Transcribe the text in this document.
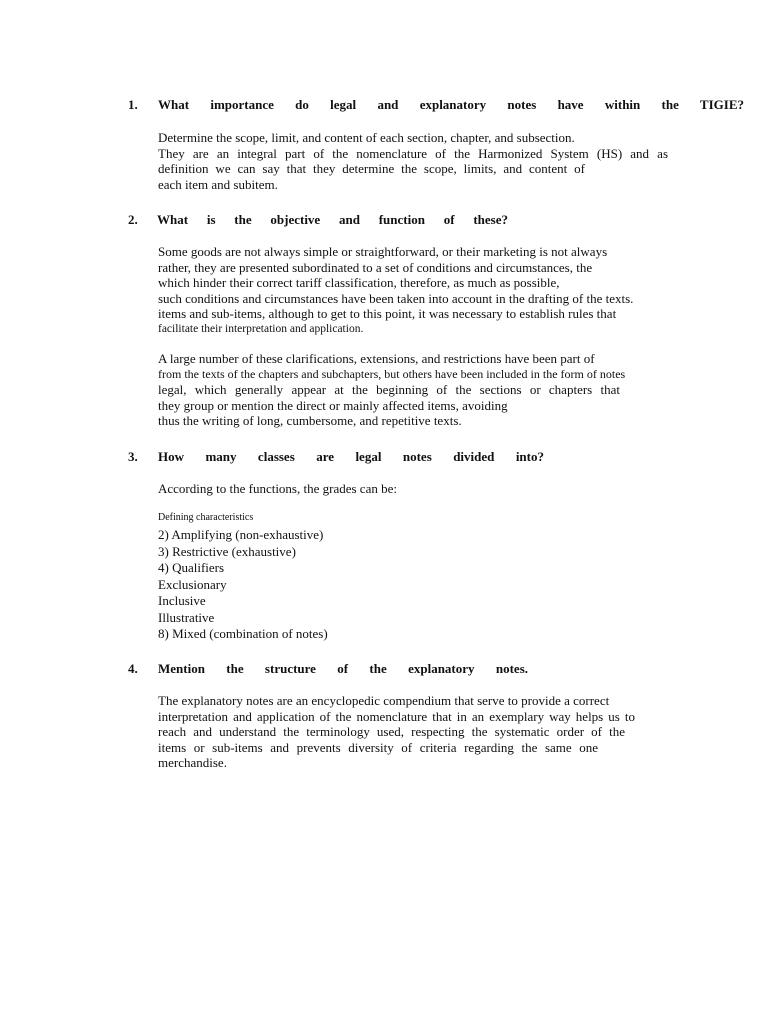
1. What importance do legal and explanatory notes have within the TIGIE?
Determine the scope, limit, and content of each section, chapter, and subsection.
They are an integral part of the nomenclature of the Harmonized System (HS) and as
definition we can say that they determine the scope, limits, and content of
each item and subitem.
2. What is the objective and function of these?
Some goods are not always simple or straightforward, or their marketing is not always
rather, they are presented subordinated to a set of conditions and circumstances, the
which hinder their correct tariff classification, therefore, as much as possible,
such conditions and circumstances have been taken into account in the drafting of the texts.
items and sub-items, although to get to this point, it was necessary to establish rules that
facilitate their interpretation and application.
A large number of these clarifications, extensions, and restrictions have been part of
from the texts of the chapters and subchapters, but others have been included in the form of notes
legal, which generally appear at the beginning of the sections or chapters that
they group or mention the direct or mainly affected items, avoiding
thus the writing of long, cumbersome, and repetitive texts.
3. How many classes are legal notes divided into?
According to the functions, the grades can be:
Defining characteristics
2) Amplifying (non-exhaustive)
3) Restrictive (exhaustive)
4) Qualifiers
Exclusionary
Inclusive
Illustrative
8) Mixed (combination of notes)
4. Mention the structure of the explanatory notes.
The explanatory notes are an encyclopedic compendium that serve to provide a correct
interpretation and application of the nomenclature that in an exemplary way helps us to
reach and understand the terminology used, respecting the systematic order of the
items or sub-items and prevents diversity of criteria regarding the same one
merchandise.
